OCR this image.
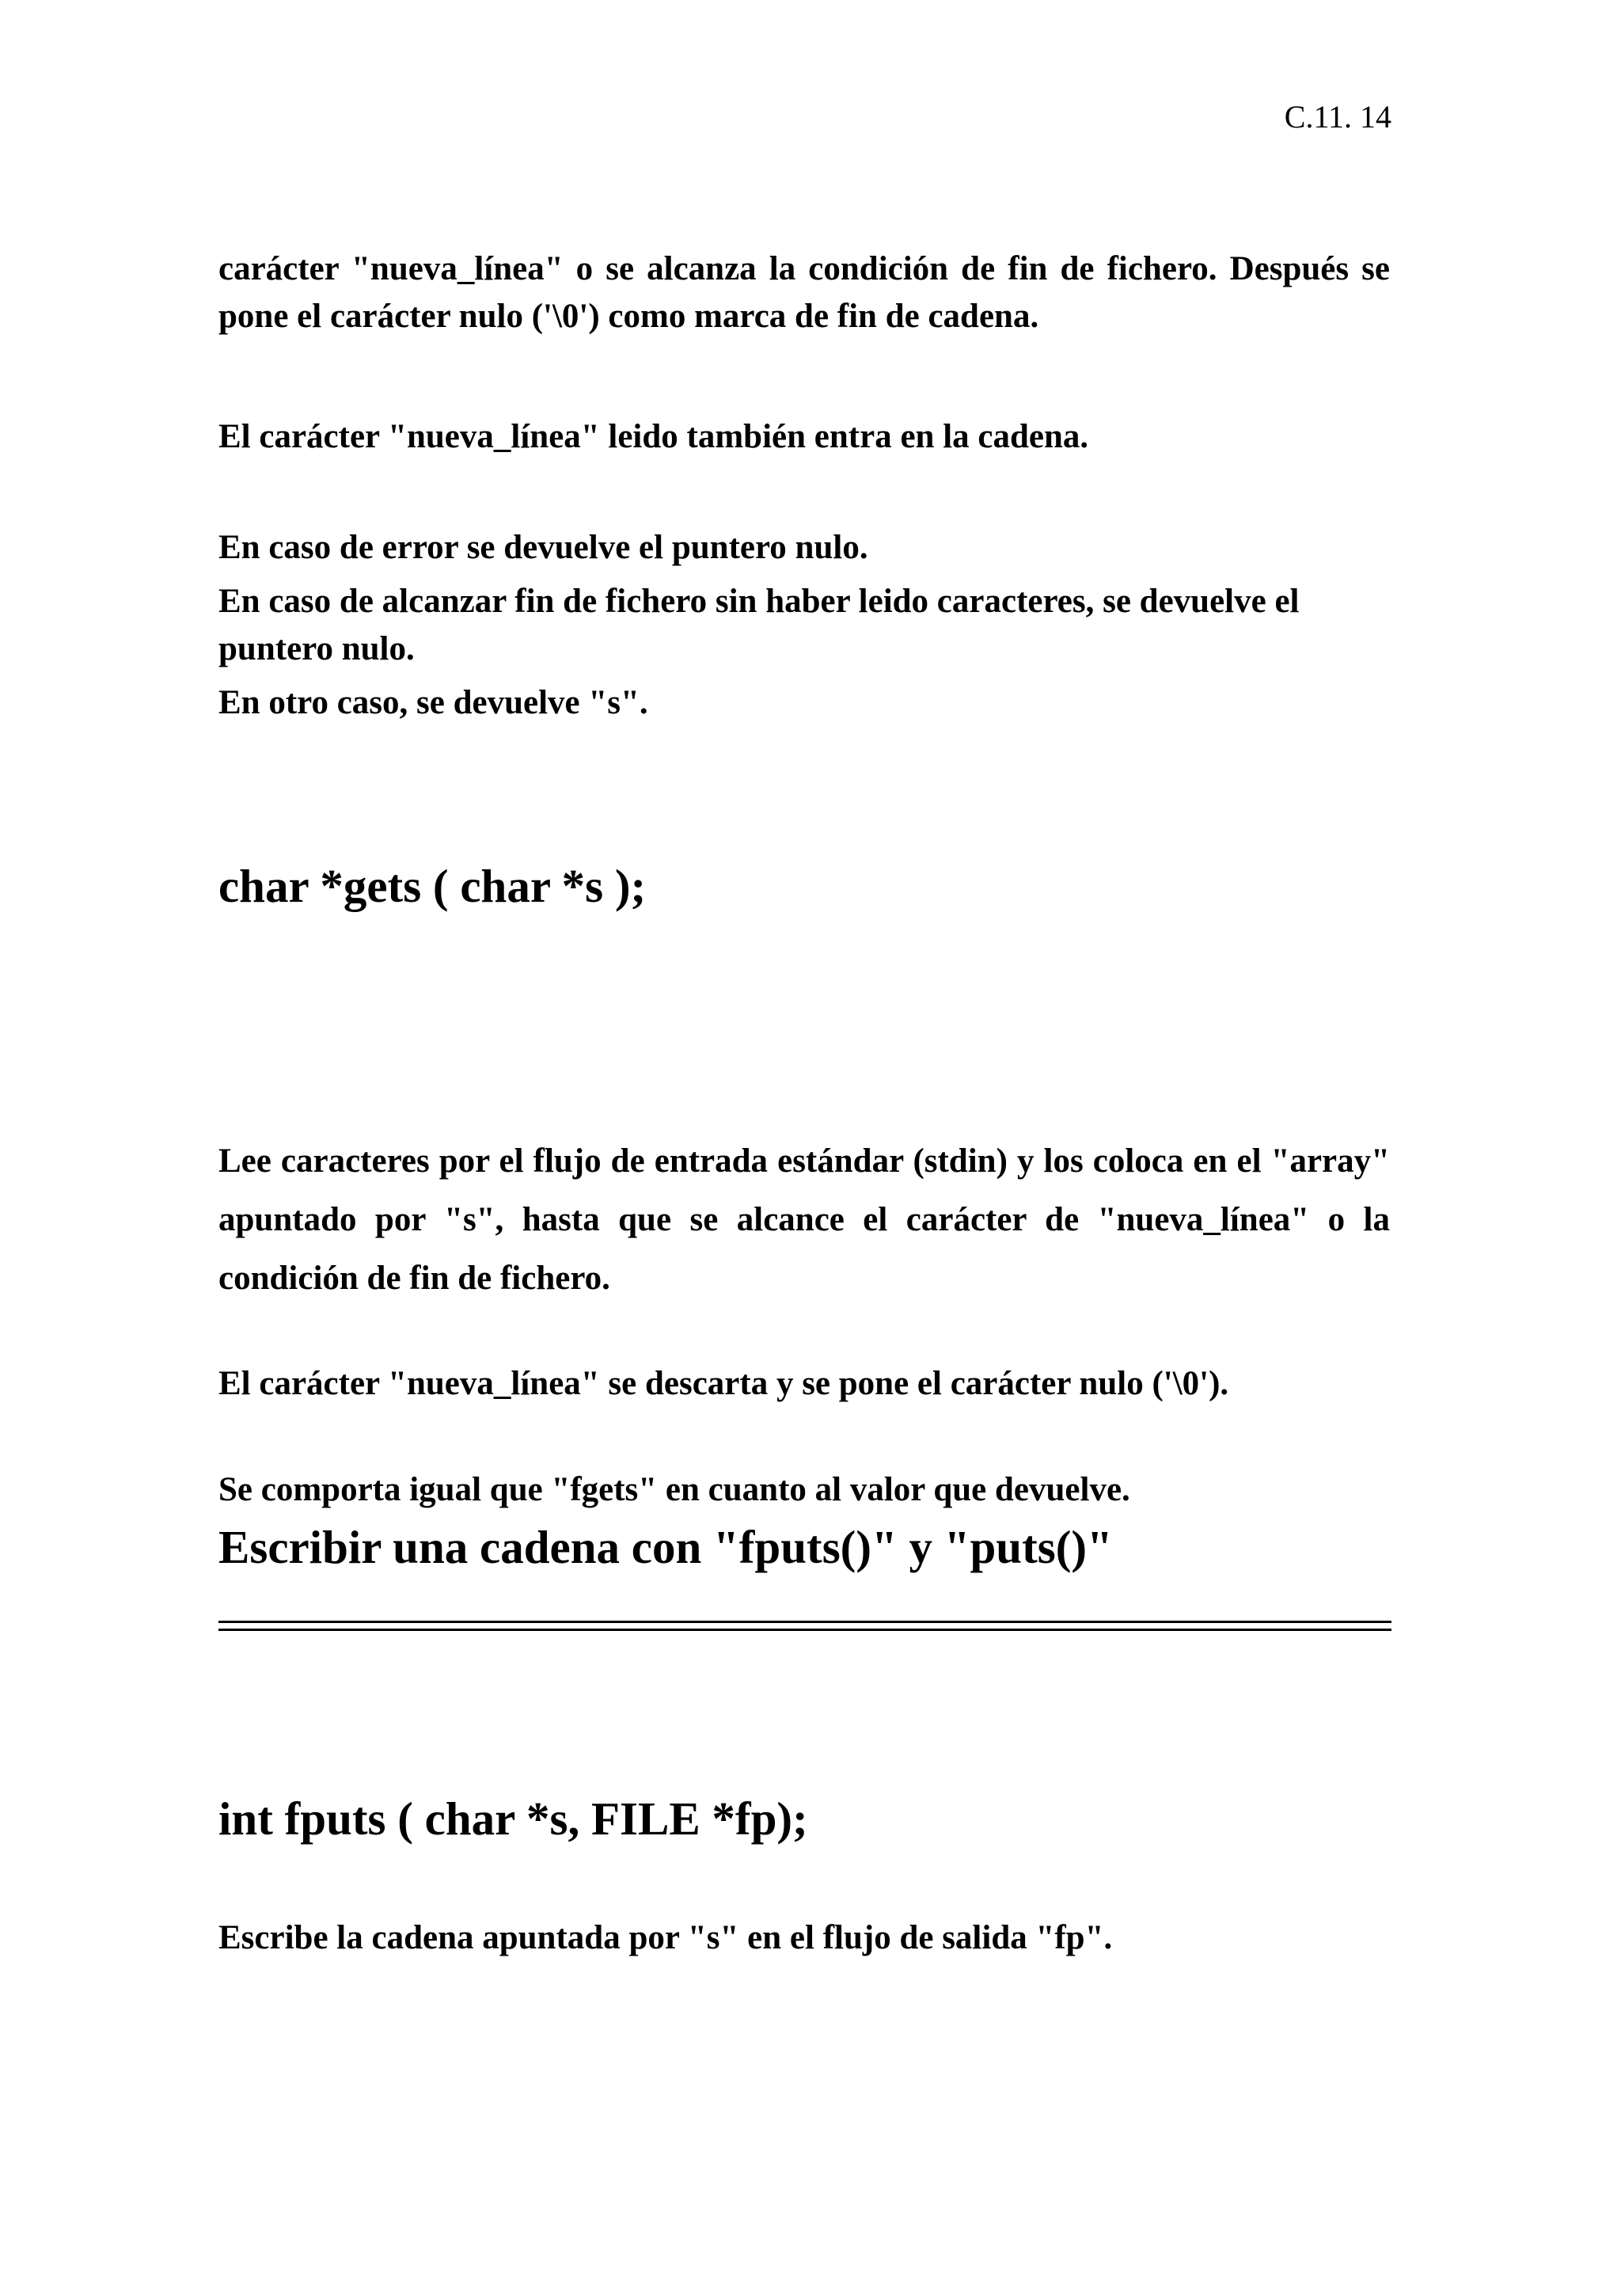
C.11. 14

carácter "nueva_línea" o se alcanza la condición de fin de fichero. Después se pone el carácter nulo ('\0') como marca de fin de cadena.

El carácter "nueva_línea" leido también entra en la cadena.

En caso de error se devuelve el puntero nulo.

En caso de alcanzar fin de fichero sin haber leido caracteres, se devuelve el puntero nulo.

En otro caso, se devuelve "s".

char *gets ( char *s );

Lee caracteres por el flujo de entrada estándar (stdin) y los coloca en el "array" apuntado por "s", hasta que se alcance el carácter de "nueva_línea" o la condición de fin de fichero.

El carácter "nueva_línea" se descarta y se pone el carácter nulo ('\0').

Se comporta igual que "fgets" en cuanto al valor que devuelve.

Escribir una cadena con "fputs()" y "puts()"
int fputs ( char *s, FILE *fp);

Escribe la cadena apuntada por "s" en el flujo de salida "fp".
